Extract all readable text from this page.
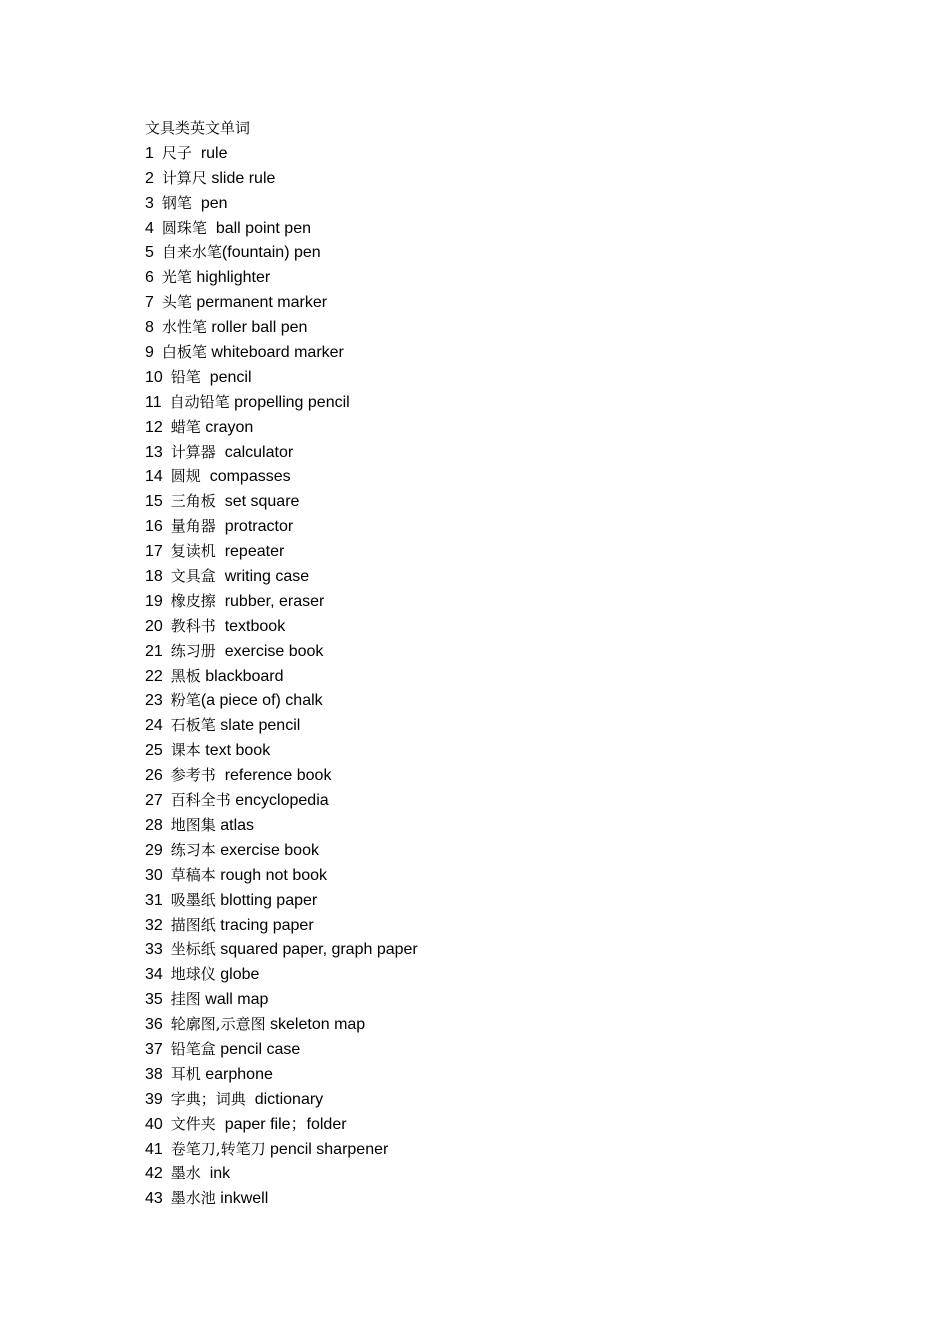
文具类英文单词
1 尺子  rule
2 计算尺 slide rule
3 钢笔  pen
4 圆珠笔  ball point pen
5 自来水笔(fountain) pen
6 光笔 highlighter
7 头笔 permanent marker
8 水性笔 roller ball pen
9 白板笔 whiteboard marker
10 铅笔  pencil
11 自动铅笔 propelling pencil
12 蜡笔 crayon
13 计算器  calculator
14 圆规  compasses
15 三角板  set square
16 量角器  protractor
17 复读机  repeater
18 文具盒  writing case
19 橡皮擦  rubber, eraser
20 教科书  textbook
21 练习册  exercise book
22 黑板 blackboard
23 粉笔(a piece of) chalk
24 石板笔 slate pencil
25 课本 text book
26 参考书  reference book
27 百科全书 encyclopedia
28 地图集 atlas
29 练习本 exercise book
30 草稿本 rough not book
31 吸墨纸 blotting paper
32 描图纸 tracing paper
33 坐标纸 squared paper, graph paper
34 地球仪 globe
35 挂图 wall map
36 轮廓图,示意图 skeleton map
37 铅笔盒 pencil case
38 耳机 earphone
39 字典；词典  dictionary
40 文件夹  paper file；folder
41 卷笔刀,转笔刀 pencil sharpener
42 墨水  ink
43 墨水池 inkwell
